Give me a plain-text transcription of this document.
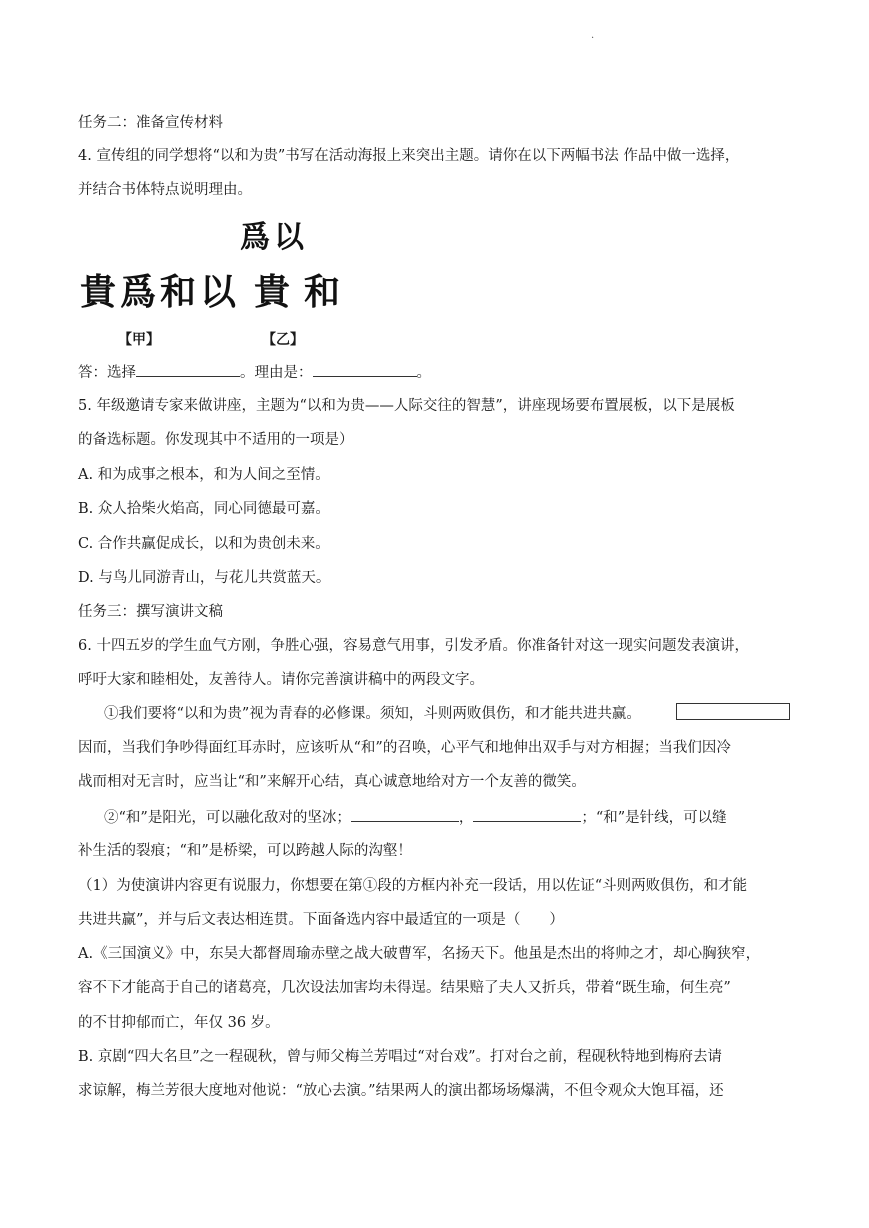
.
任务二：准备宣传材料
4. 宣传组的同学想将“以和为贵”书写在活动海报上来突出主题。请你在以下两幅书法 作品中做一选择，
并结合书体特点说明理由。
爲以
貴爲和以 貴和
【甲】	【乙】
答：选择	。理由是：	。
5. 年级邀请专家来做讲座，主题为“以和为贵——人际交往的智慧”，讲座现场要布置展板，以下是展板
的备选标题。你发现其中不适用的一项是）
A. 和为成事之根本，和为人间之至情。
B. 众人拾柴火焰高，同心同德最可嘉。
C. 合作共赢促成长，以和为贵创未来。
D. 与鸟儿同游青山，与花儿共赏蓝天。
任务三：撰写演讲文稿
6. 十四五岁的学生血气方刚，争胜心强，容易意气用事，引发矛盾。你准备针对这一现实问题发表演讲，
呼吁大家和睦相处，友善待人。请你完善演讲稿中的两段文字。
①我们要将“以和为贵”视为青春的必修课。须知，斗则两败俱伤，和才能共进共赢。
因而，当我们争吵得面红耳赤时，应该听从“和”的召唤，心平气和地伸出双手与对方相握；当我们因冷
战而相对无言时，应当让“和”来解开心结，真心诚意地给对方一个友善的微笑。
②“和”是阳光，可以融化敌对的坚冰；	，	；“和”是针线，可以缝
补生活的裂痕；“和”是桥梁，可以跨越人际的沟壑！
（1）为使演讲内容更有说服力，你想要在第①段的方框内补充一段话，用以佐证“斗则两败俱伤，和才能
共进共赢”，并与后文表达相连贯。下面备选内容中最适宜的一项是（　　）
A.《三国演义》中，东吴大都督周瑜赤壁之战大破曹军，名扬天下。他虽是杰出的将帅之才，却心胸狭窄，
容不下才能高于自己的诸葛亮，几次设法加害均未得逞。结果赔了夫人又折兵，带着“既生瑜，何生亮”
的不甘抑郁而亡，年仅 36 岁。
B. 京剧“四大名旦”之一程砚秋，曾与师父梅兰芳唱过“对台戏”。打对台之前，程砚秋特地到梅府去请
求谅解，梅兰芳很大度地对他说：“放心去演。”结果两人的演出都场场爆满，不但令观众大饱耳福，还
